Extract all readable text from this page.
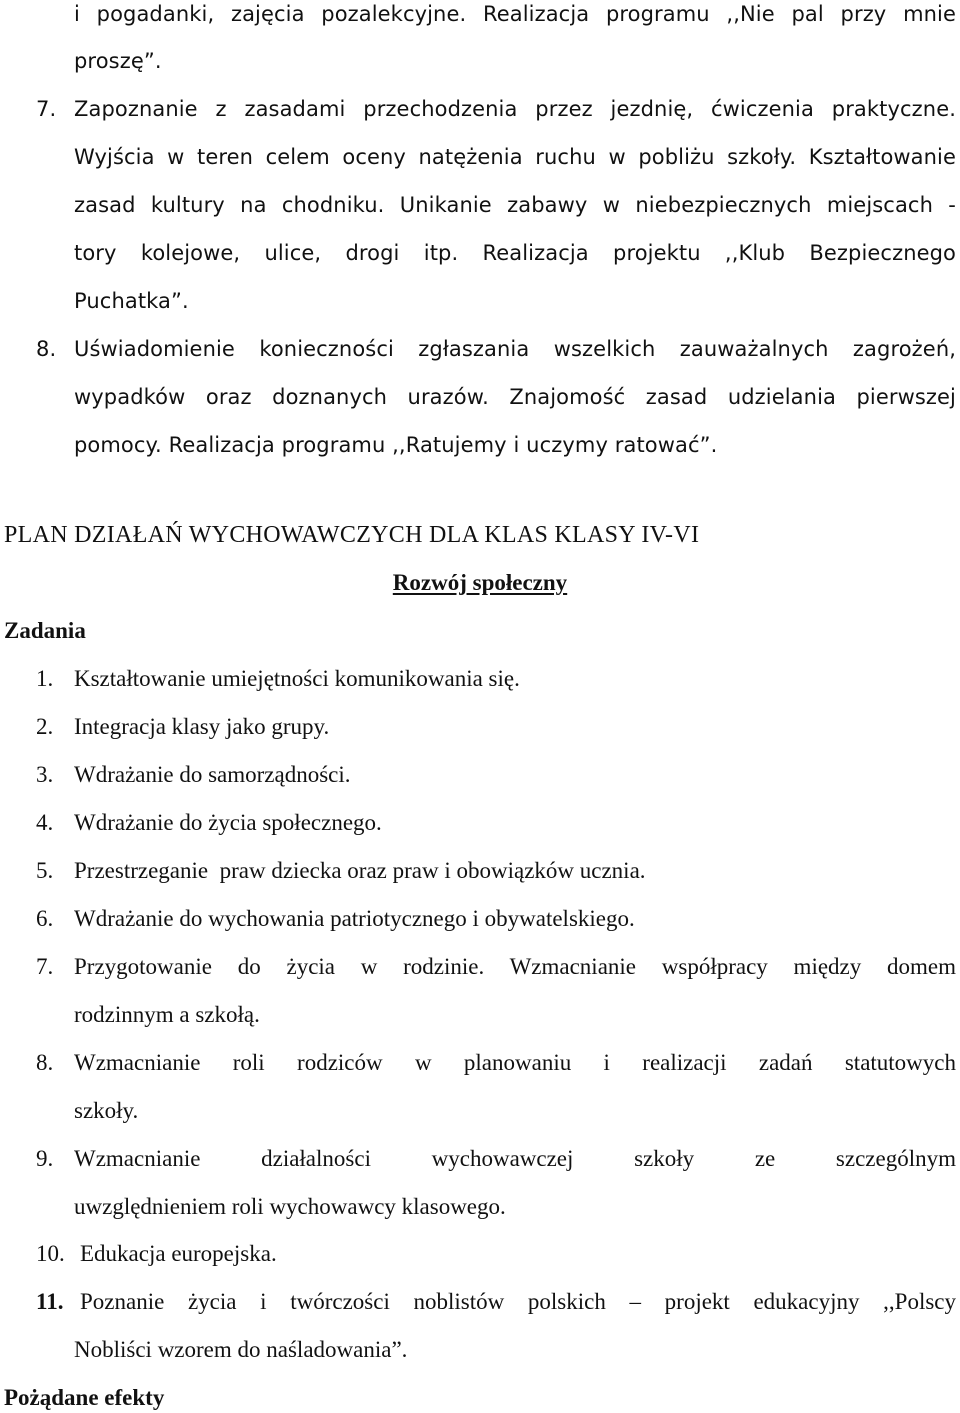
i pogadanki, zajęcia pozalekcyjne. Realizacja programu ,,Nie pal przy mnie
proszę”.
7. Zapoznanie z zasadami przechodzenia przez jezdnię, ćwiczenia praktyczne.
Wyjścia w teren celem oceny natężenia ruchu w pobliżu szkoły. Kształtowanie
zasad kultury na chodniku. Unikanie zabawy w niebezpiecznych miejscach -
tory kolejowe, ulice, drogi itp. Realizacja projektu ,,Klub Bezpiecznego
Puchatka”.
8. Uświadomienie konieczności zgłaszania wszelkich zauważalnych zagrożeń,
wypadków oraz doznanych urazów. Znajomość zasad udzielania pierwszej
pomocy. Realizacja programu ,,Ratujemy i uczymy ratować”.
PLAN DZIAŁAŃ WYCHOWAWCZYCH DLA KLAS KLASY IV-VI
Rozwój społeczny
Zadania
1. Kształtowanie umiejętności komunikowania się.
2. Integracja klasy jako grupy.
3. Wdrażanie do samorządności.
4. Wdrażanie do życia społecznego.
5. Przestrzeganie  praw dziecka oraz praw i obowiązków ucznia.
6. Wdrażanie do wychowania patriotycznego i obywatelskiego.
7. Przygotowanie do życia w rodzinie. Wzmacnianie współpracy między domem
rodzinnym a szkołą.
8. Wzmacnianie roli rodziców w planowaniu i realizacji zadań statutowych
szkoły.
9. Wzmacnianie działalności wychowawczej szkoły ze szczególnym
uwzględnieniem roli wychowawcy klasowego.
10. Edukacja europejska.
11. Poznanie życia i twórczości noblistów polskich – projekt edukacyjny ,,Polscy
Nobliści wzorem do naśladowania”.
Pożądane efekty
